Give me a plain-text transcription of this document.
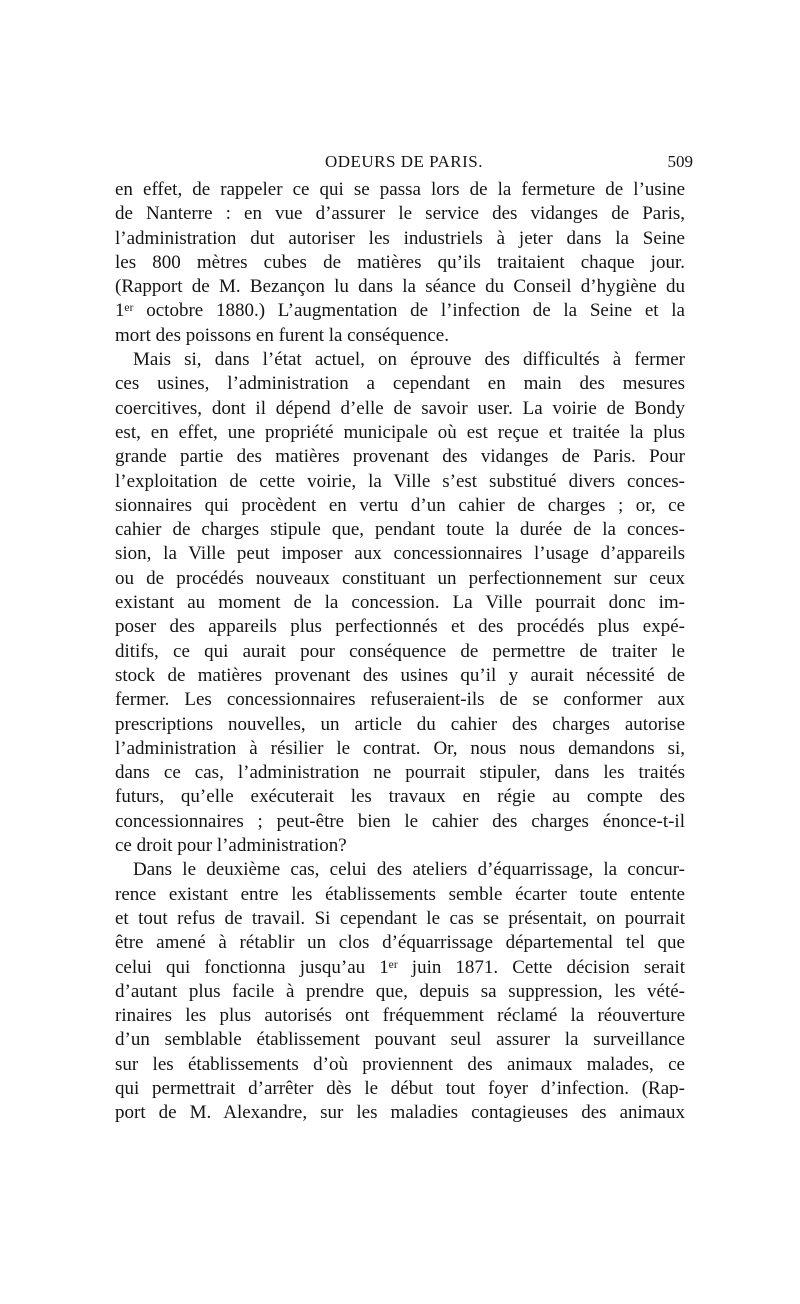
ODEURS DE PARIS.	509
en effet, de rappeler ce qui se passa lors de la fermeture de l’usine
de Nanterre : en vue d’assurer le service des vidanges de Paris,
l’administration dut autoriser les industriels à jeter dans la Seine
les 800 mètres cubes de matières qu’ils traitaient chaque jour.
(Rapport de M. Bezançon lu dans la séance du Conseil d’hygiène du
1ᵉʳ octobre 1880.) L’augmentation de l’infection de la Seine et la
mort des poissons en furent la conséquence.
Mais si, dans l’état actuel, on éprouve des difficultés à fermer
ces usines, l’administration a cependant en main des mesures
coercitives, dont il dépend d’elle de savoir user. La voirie de Bondy
est, en effet, une propriété municipale où est reçue et traitée la plus
grande partie des matières provenant des vidanges de Paris. Pour
l’exploitation de cette voirie, la Ville s’est substitué divers conces-
sionnaires qui procèdent en vertu d’un cahier de charges ; or, ce
cahier de charges stipule que, pendant toute la durée de la conces-
sion, la Ville peut imposer aux concessionnaires l’usage d’appareils
ou de procédés nouveaux constituant un perfectionnement sur ceux
existant au moment de la concession. La Ville pourrait donc im-
poser des appareils plus perfectionnés et des procédés plus expé-
ditifs, ce qui aurait pour conséquence de permettre de traiter le
stock de matières provenant des usines qu’il y aurait nécessité de
fermer. Les concessionnaires refuseraient-ils de se conformer aux
prescriptions nouvelles, un article du cahier des charges autorise
l’administration à résilier le contrat. Or, nous nous demandons si,
dans ce cas, l’administration ne pourrait stipuler, dans les traités
futurs, qu’elle exécuterait les travaux en régie au compte des
concessionnaires ; peut-être bien le cahier des charges énonce-t-il
ce droit pour l’administration?
Dans le deuxième cas, celui des ateliers d’équarrissage, la concur-
rence existant entre les établissements semble écarter toute entente
et tout refus de travail. Si cependant le cas se présentait, on pourrait
être amené à rétablir un clos d’équarrissage départemental tel que
celui qui fonctionna jusqu’au 1ᵉʳ juin 1871. Cette décision serait
d’autant plus facile à prendre que, depuis sa suppression, les vété-
rinaires les plus autorisés ont fréquemment réclamé la réouverture
d’un semblable établissement pouvant seul assurer la surveillance
sur les établissements d’où proviennent des animaux malades, ce
qui permettrait d’arrêter dès le début tout foyer d’infection. (Rap-
port de M. Alexandre, sur les maladies contagieuses des animaux
